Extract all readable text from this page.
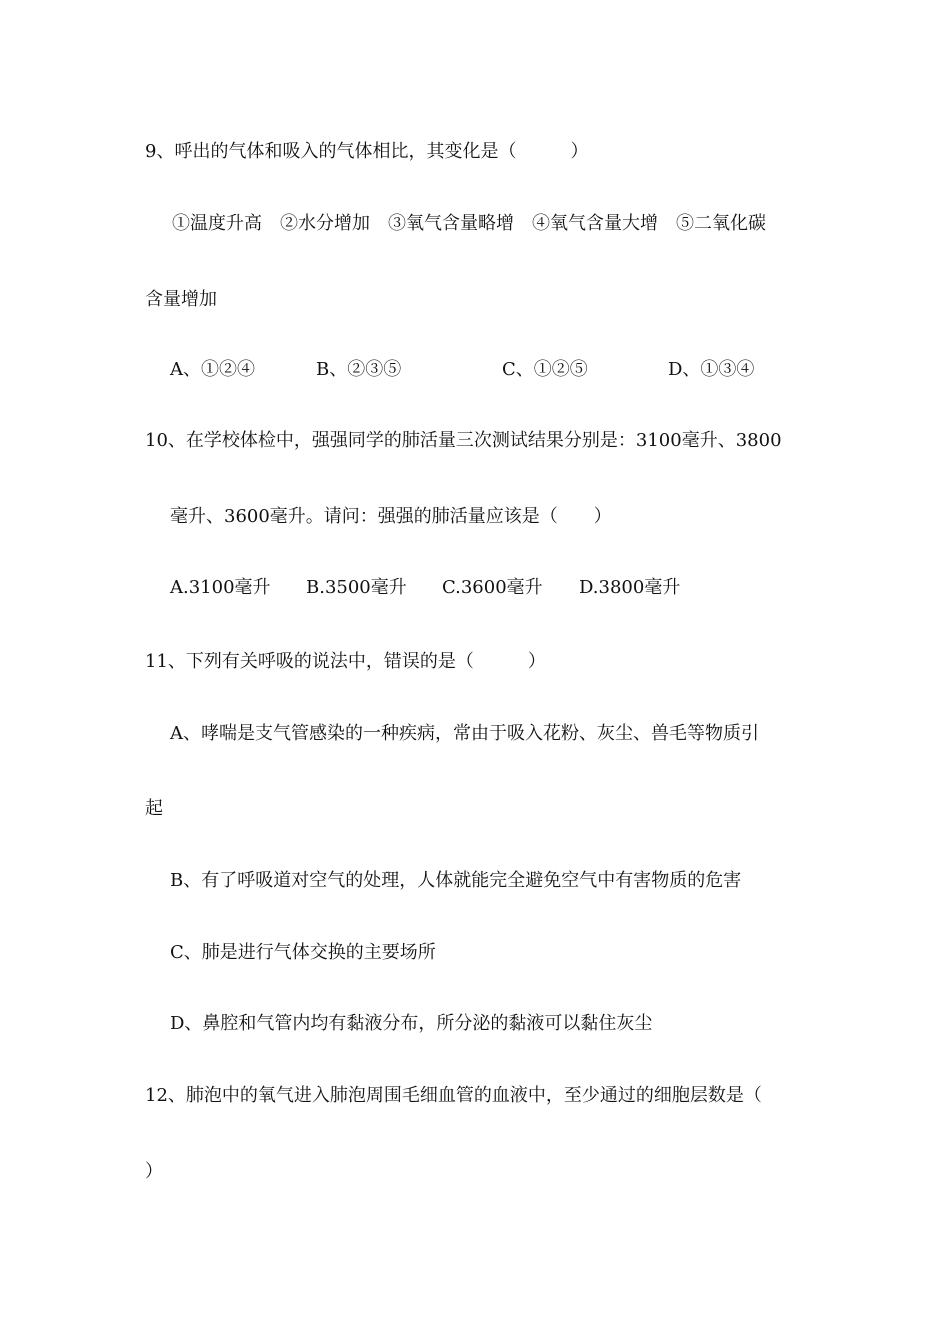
9、呼出的气体和吸入的气体相比，其变化是（　　　）
①温度升高　②水分增加　③氧气含量略增　④氧气含量大增　⑤二氧化碳
含量增加
A、①②④	B、②③⑤	C、①②⑤	D、①③④
10、在学校体检中，强强同学的肺活量三次测试结果分别是：3100毫升、3800
毫升、3600毫升。请问：强强的肺活量应该是（　　）
A.3100毫升 B.3500毫升 C.3600毫升 D.3800毫升
11、下列有关呼吸的说法中，错误的是（　　　）
A、哮喘是支气管感染的一种疾病，常由于吸入花粉、灰尘、兽毛等物质引
起
B、有了呼吸道对空气的处理，人体就能完全避免空气中有害物质的危害
C、肺是进行气体交换的主要场所
D、鼻腔和气管内均有黏液分布，所分泌的黏液可以黏住灰尘
12、肺泡中的氧气进入肺泡周围毛细血管的血液中，至少通过的细胞层数是（
）
